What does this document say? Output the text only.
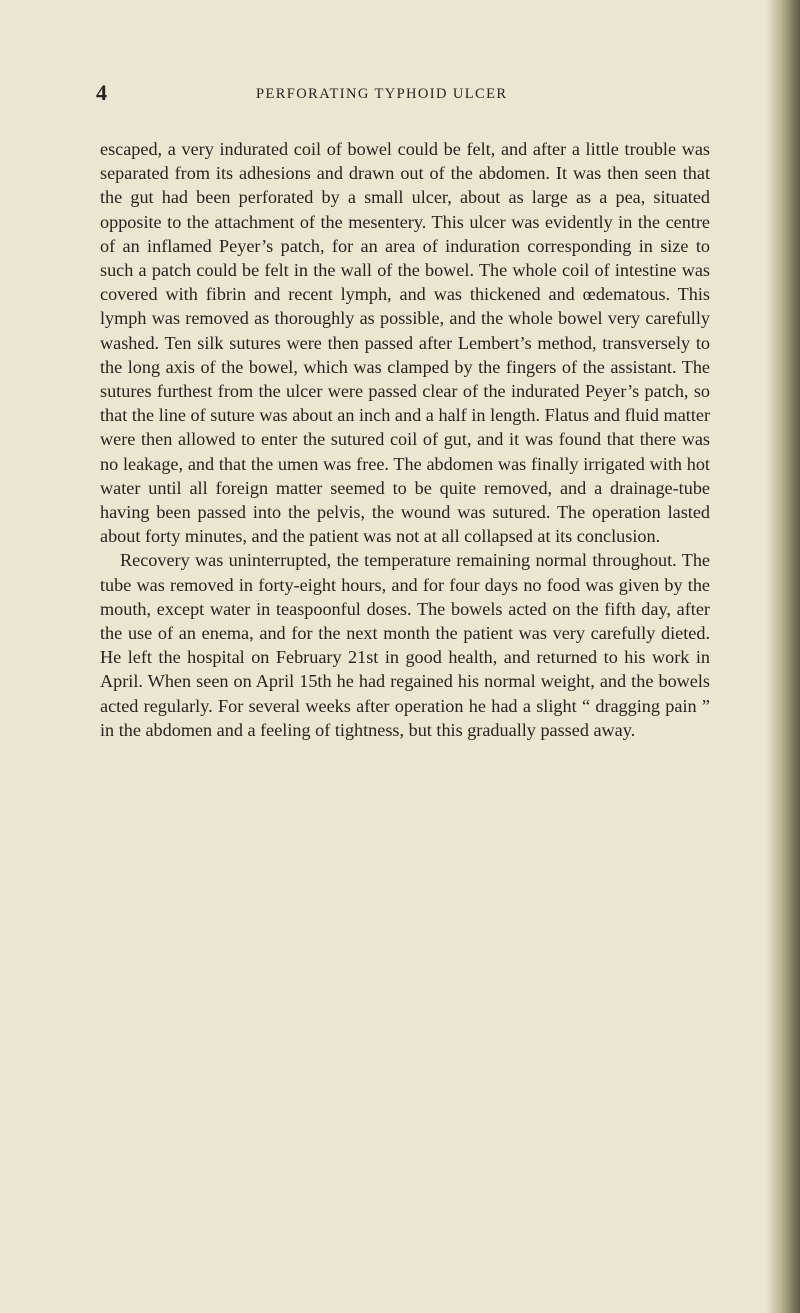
4	PERFORATING TYPHOID ULCER

escaped, a very indurated coil of bowel could be felt, and after a little trouble was separated from its adhesions and drawn out of the abdomen. It was then seen that the gut had been perforated by a small ulcer, about as large as a pea, situated opposite to the attachment of the mesentery. This ulcer was evidently in the centre of an inflamed Peyer’s patch, for an area of induration corresponding in size to such a patch could be felt in the wall of the bowel. The whole coil of intestine was covered with fibrin and recent lymph, and was thickened and œdematous. This lymph was removed as thoroughly as possible, and the whole bowel very carefully washed. Ten silk sutures were then passed after Lembert’s method, transversely to the long axis of the bowel, which was clamped by the fingers of the assistant. The sutures furthest from the ulcer were passed clear of the indurated Peyer’s patch, so that the line of suture was about an inch and a half in length. Flatus and fluid matter were then allowed to enter the sutured coil of gut, and it was found that there was no leakage, and that the umen was free. The abdomen was finally irrigated with hot water until all foreign matter seemed to be quite removed, and a drainage-tube having been passed into the pelvis, the wound was sutured. The operation lasted about forty minutes, and the patient was not at all collapsed at its conclusion.

Recovery was uninterrupted, the temperature remaining normal throughout. The tube was removed in forty-eight hours, and for four days no food was given by the mouth, except water in teaspoonful doses. The bowels acted on the fifth day, after the use of an enema, and for the next month the patient was very carefully dieted. He left the hospital on February 21st in good health, and returned to his work in April. When seen on April 15th he had regained his normal weight, and the bowels acted regularly. For several weeks after operation he had a slight “ dragging pain ” in the abdomen and a feeling of tightness, but this gradually passed away.
